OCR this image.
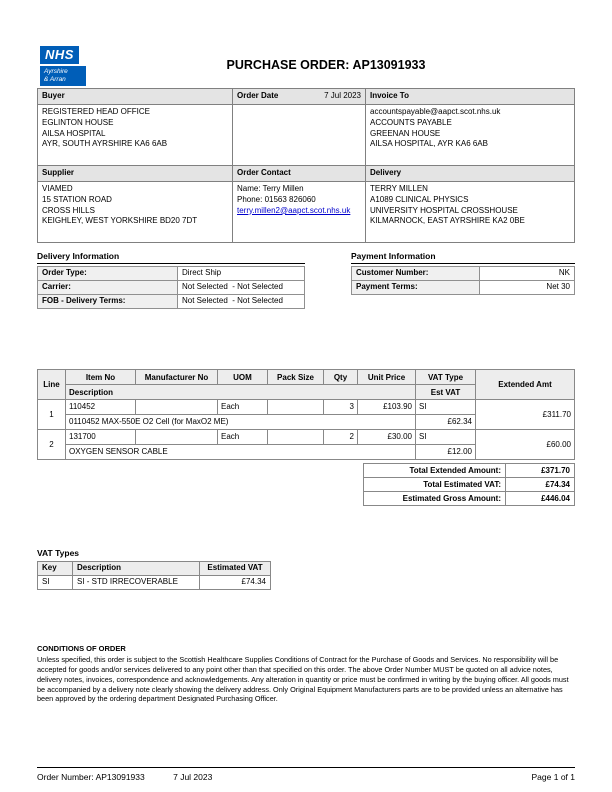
NHS
Ayrshire
& Arran
PURCHASE ORDER: AP13091933
Buyer	Order Date 7 Jul 2023	Invoice To

REGISTERED HEAD OFFICE
EGLINTON HOUSE
AILSA HOSPITAL
AYR, SOUTH AYRSHIRE KA6 6AB

accountspayable@aapct.scot.nhs.uk
ACCOUNTS PAYABLE
GREENAN HOUSE
AILSA HOSPITAL, AYR KA6 6AB

Supplier	Order Contact	Delivery

VIAMED
15 STATION ROAD
CROSS HILLS
KEIGHLEY, WEST YORKSHIRE BD20 7DT

Name: Terry Millen
Phone: 01563 826060
terry.millen2@aapct.scot.nhs.uk

TERRY MILLEN
A1089 CLINICAL PHYSICS
UNIVERSITY HOSPITAL CROSSHOUSE
KILMARNOCK, EAST AYRSHIRE KA2 0BE
Delivery Information
Order Type:	Direct Ship
Carrier:	Not Selected  - Not Selected
FOB - Delivery Terms:	Not Selected  - Not Selected
Payment Information
Customer Number:	NK
Payment Terms:	Net 30
Line	Item No	Manufacturer No	UOM	Pack Size	Qty	Unit Price	VAT Type	Extended Amt
	Description						Est VAT	
1	110452		Each		3	£103.90	SI	£311.70
	0110452 MAX-550E O2 Cell (for MaxO2 ME)						£62.34	
2	131700		Each		2	£30.00	SI	£60.00
	OXYGEN SENSOR CABLE						£12.00	
Total Extended Amount:	£371.70
Total Estimated VAT:	£74.34
Estimated Gross Amount:	£446.04
VAT Types
Key	Description	Estimated VAT
SI	SI - STD IRRECOVERABLE	£74.34
CONDITIONS OF ORDER
Unless specified, this order is subject to the Scottish Healthcare Supplies Conditions of Contract for the Purchase of Goods and Services. No responsibility will be accepted for goods and/or services delivered to any point other than that specified on this order. The above Order Number MUST be quoted on all advice notes, delivery notes, invoices, correspondence and acknowledgements. Any alteration in quantity or price must be confirmed in writing by the buying officer. All goods must be accompanied by a delivery note clearly showing the delivery address. Only Original Equipment Manufacturers parts are to be provided unless an alternative has been approved by the ordering department Designated Purchasing Officer.
Order Number: AP13091933	7 Jul 2023	Page 1 of 1
